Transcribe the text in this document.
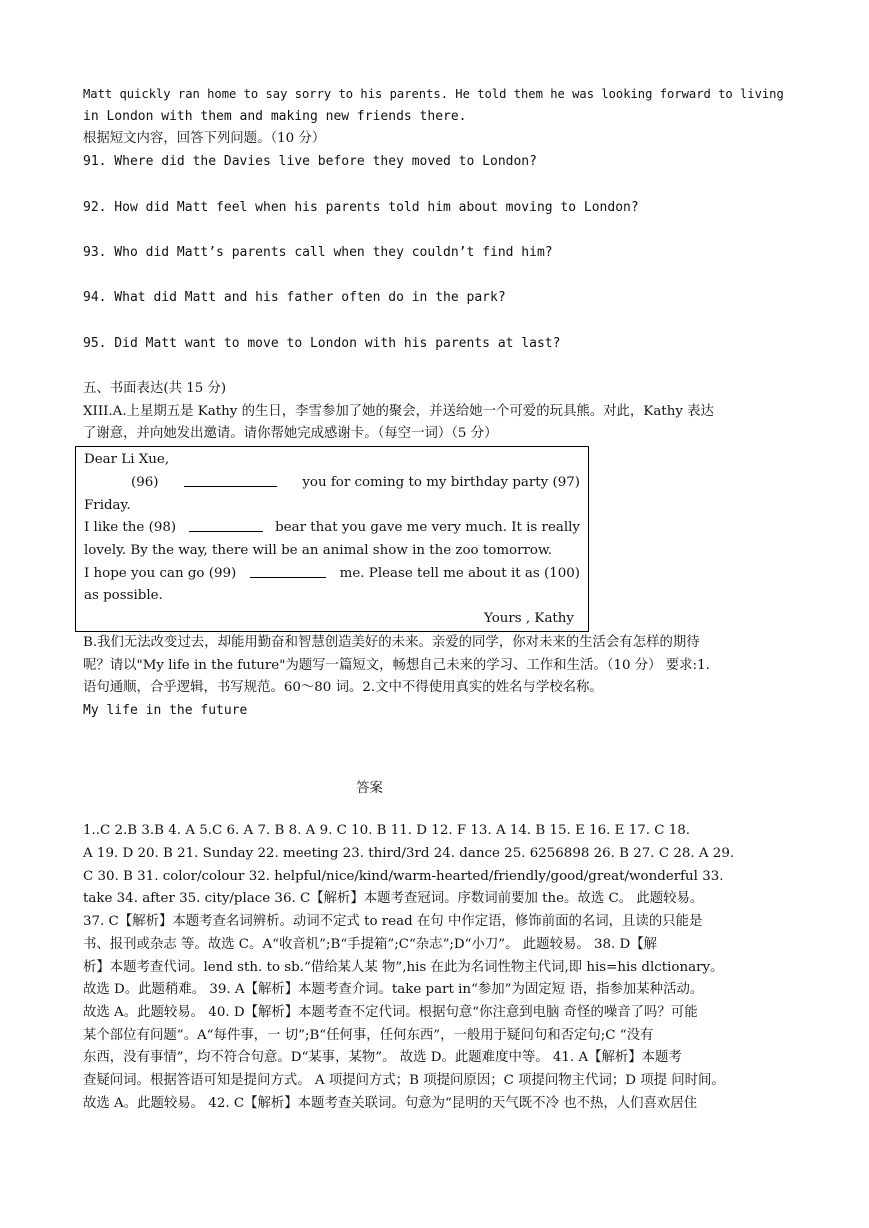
Matt quickly ran home to say sorry to his parents. He told them he was looking forward to living
in London with them and making new friends there.
根据短文内容，回答下列问题。（10 分）
91. Where did the Davies live before they moved to London?
92. How did Matt feel when his parents told him about moving to London?
93. Who did Matt’s parents call when they couldn’t find him?
94. What did Matt and his father often do in the park?
95. Did Matt want to move to London with his parents at last?
五、书面表达(共 15 分)
XIII.A.上星期五是 Kathy 的生日，李雪参加了她的聚会，并送给她一个可爱的玩具熊。对此，Kathy 表达
了谢意，并向她发出邀请。请你帮她完成感谢卡。（每空一词）（5 分）
Dear Li Xue,
(96)	you for coming to my birthday party (97)
Friday.
I like the (98)	bear that you gave me very much. It is really
lovely. By the way, there will be an animal show in the zoo tomorrow.
I hope you can go (99)	me. Please tell me about it as (100)
as possible.
Yours , Kathy
B.我们无法改变过去，却能用勤奋和智慧创造美好的未来。亲爱的同学，你对未来的生活会有怎样的期待
呢？请以"My life in the future"为题写一篇短文，畅想自己未来的学习、工作和生活。（10 分） 要求:1.
语句通顺，合乎逻辑，书写规范。60～80 词。2.文中不得使用真实的姓名与学校名称。
My life in the future
答案
1..C 2.B 3.B 4. A 5.C 6. A 7. B 8. A 9. C 10. B 11. D 12. F 13. A 14. B 15. E 16. E 17. C 18.
A 19. D 20. B 21. Sunday 22. meeting 23. third/3rd 24. dance 25. 6256898 26. B 27. C 28. A 29.
C 30. B 31. color/colour 32. helpful/nice/kind/warm-hearted/friendly/good/great/wonderful 33.
take 34. after 35. city/place 36. C【解析】本题考查冠词。序数词前要加 the。故选 C。 此题较易。
37. C【解析】本题考查名词辨析。动词不定式 to read 在句 中作定语，修饰前面的名词，且读的只能是
书、报刊或杂志 等。故选 C。A“收音机”;B“手提箱”;C“杂志”;D“小刀”。 此题较易。 38. D【解
析】本题考查代词。lend sth. to sb.“借给某人某 物”,his 在此为名词性物主代词,即 his=his dlctionary。
故选 D。此题稍难。 39. A【解析】本题考查介词。take part in“参加”为固定短 语，指参加某种活动。
故选 A。此题较易。 40. D【解析】本题考查不定代词。根据句意“你注意到电脑 奇怪的噪音了吗？可能
某个部位有问题”。A“每件事，一 切”;B“任何事，任何东西”，一般用于疑问句和否定句;C “没有
东西，没有事情”，均不符合句意。D“某事，某物”。 故选 D。此题难度中等。 41. A【解析】本题考
查疑问词。根据答语可知是提问方式。 A 项提问方式；B 项提问原因；C 项提问物主代词；D 项提 问时间。
故选 A。此题较易。 42. C【解析】本题考查关联词。句意为“昆明的天气既不冷 也不热，人们喜欢居住
